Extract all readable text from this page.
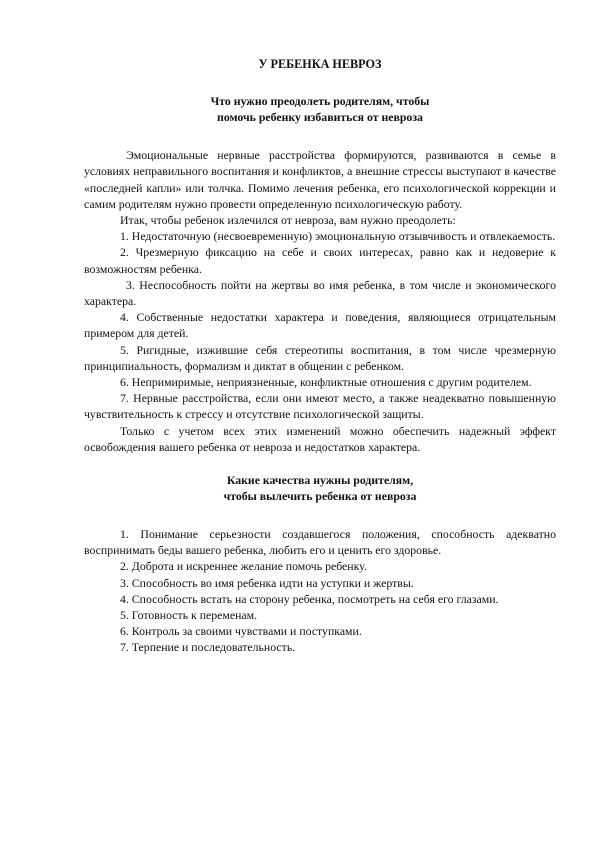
У РЕБЕНКА НЕВРОЗ
Что нужно преодолеть родителям, чтобы
помочь ребенку избавиться от невроза

Эмоциональные нервные расстройства формируются, развиваются в семье в условиях неправильного воспитания и конфликтов, а внешние стрессы выступают в качестве «последней капли» или толчка. Помимо лечения ребенка, его психологической коррекции и самим родителям нужно провести определенную психологическую работу.

Итак, чтобы ребенок излечился от невроза, вам нужно преодолеть:

1. Недостаточную (несвоевременную) эмоциональную отзывчивость и отвлекаемость.

2. Чрезмерную фиксацию на себе и своих интересах, равно как и недоверие к возможностям ребенка.

3. Неспособность пойти на жертвы во имя ребенка, в том числе и экономического характера.

4. Собственные недостатки характера и поведения, являющиеся отрицательным примером для детей.

5. Ригидные, изжившие себя стереотипы воспитания, в том числе чрезмерную принципиальность, формализм и диктат в общении с ребенком.

6. Непримиримые, неприязненные, конфликтные отношения с другим родителем.

7. Нервные расстройства, если они имеют место, а также неадекватно повышенную чувствительность к стрессу и отсутствие психологической защиты.

Только с учетом всех этих изменений можно обеспечить надежный эффект освобождения вашего ребенка от невроза и недостатков характера.

Какие качества нужны родителям,
чтобы вылечить ребенка от невроза

1. Понимание серьезности создавшегося положения, способность адекватно воспринимать беды вашего ребенка, любить его и ценить его здоровье.

2. Доброта и искреннее желание помочь ребенку.

3. Способность во имя ребенка идти на уступки и жертвы.

4. Способность встать на сторону ребенка, посмотреть на себя его глазами.

5. Готовность к переменам.

6. Контроль за своими чувствами и поступками.

7. Терпение и последовательность.
